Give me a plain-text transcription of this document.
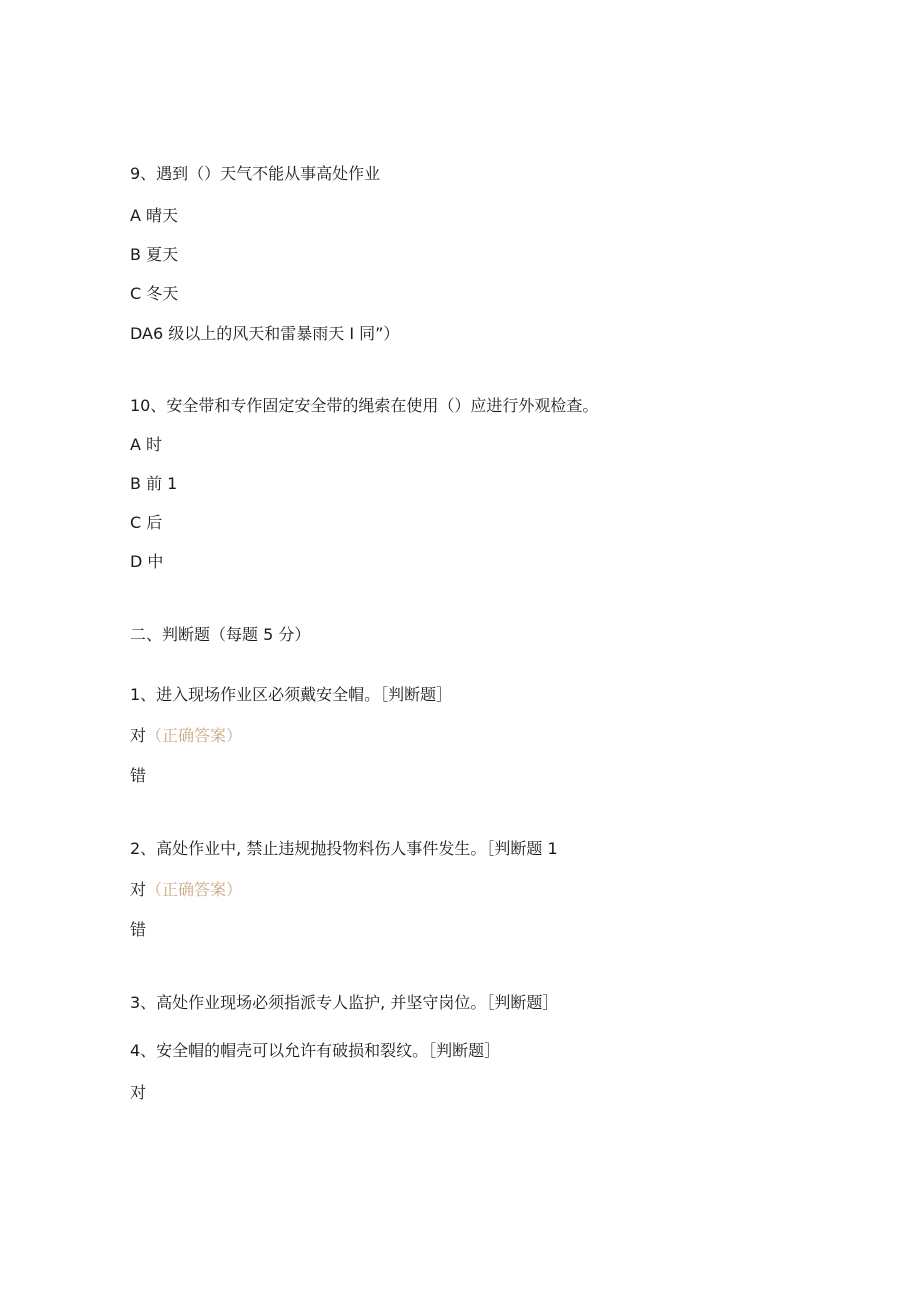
9、遇到（）天气不能从事高处作业
A 晴天
B 夏天
C 冬天
DA6 级以上的风天和雷暴雨天 I 同”）
10、安全带和专作固定安全带的绳索在使用（）应进行外观检查。
A 时
B 前 1
C 后
D 中
二、判断题（每题 5 分）
1、进入现场作业区必须戴安全帽。［判断题］
对（正确答案）
错
2、高处作业中, 禁止违规抛投物料伤人事件发生。［判断题 1
对（正确答案）
错
3、高处作业现场必须指派专人监护, 并坚守岗位。［判断题］
4、安全帽的帽壳可以允许有破损和裂纹。［判断题］
对
